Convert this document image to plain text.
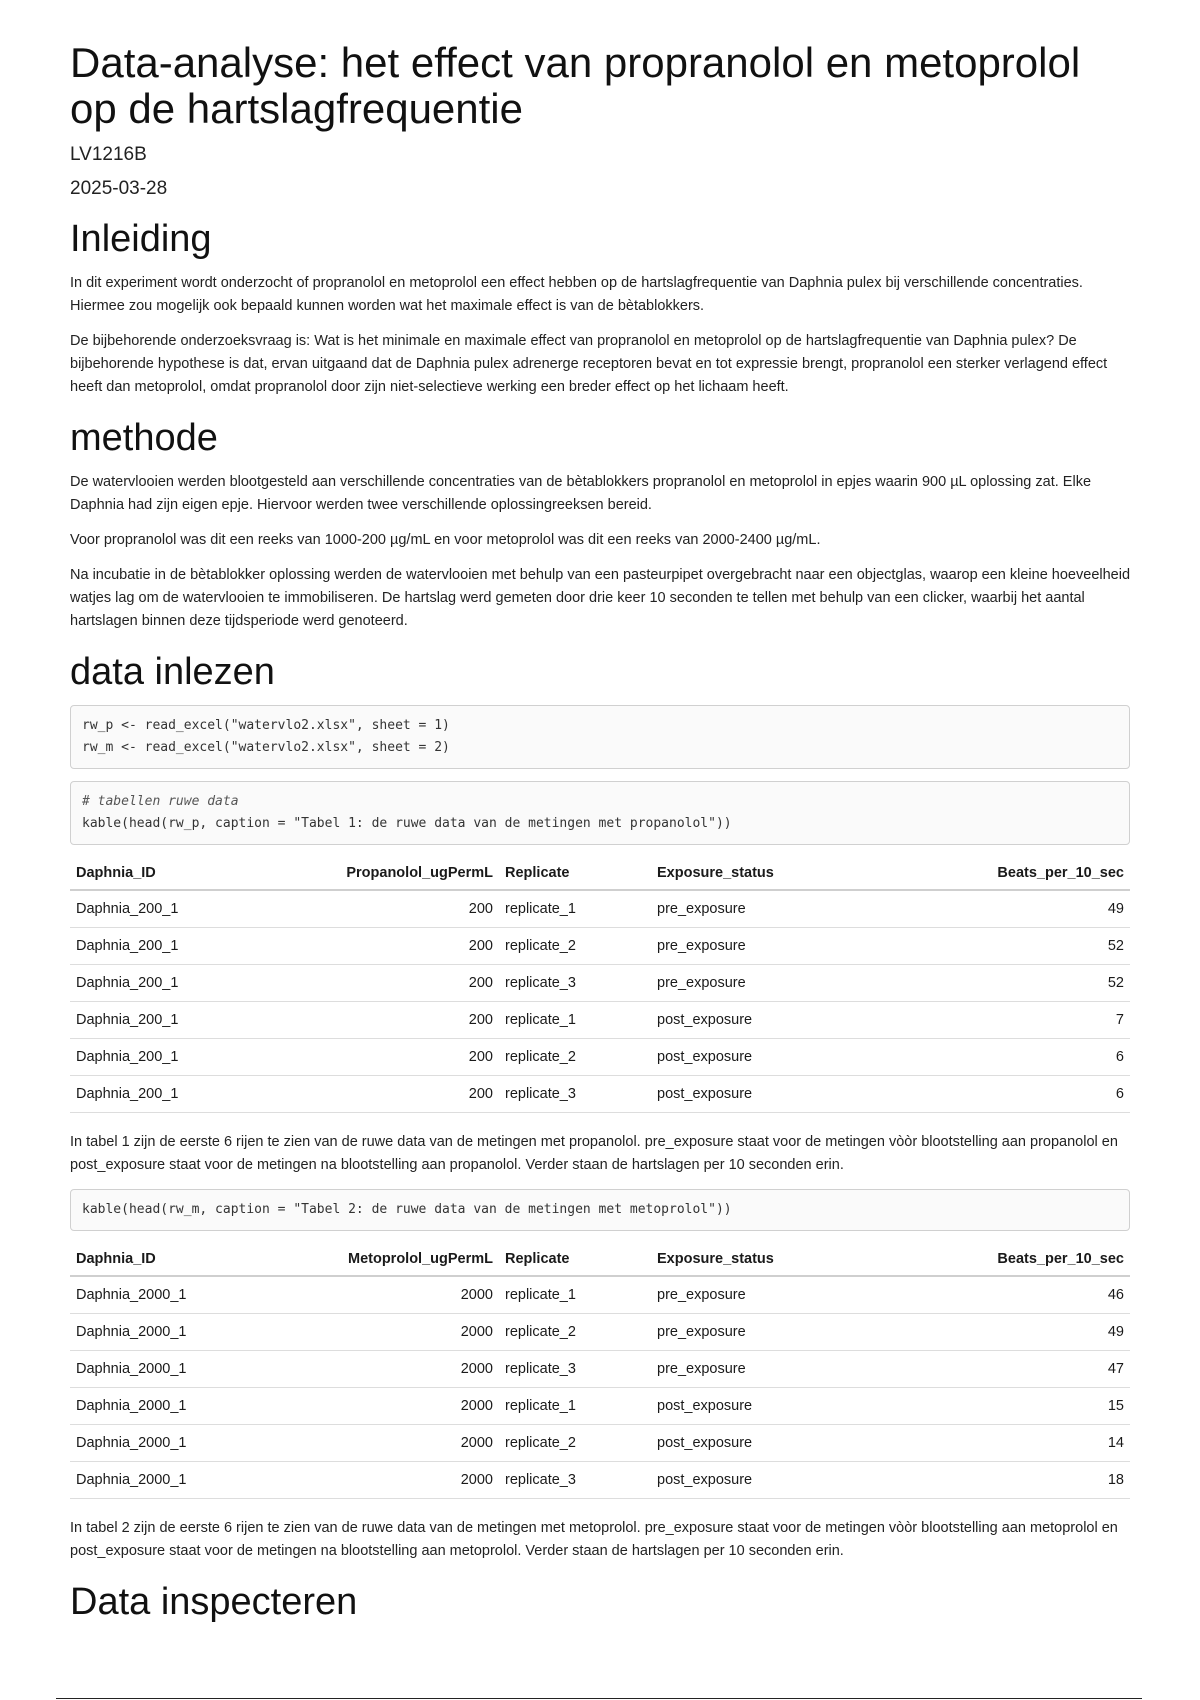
Data-analyse: het effect van propranolol en metoprolol op de hartslagfrequentie
LV1216B
2025-03-28
Inleiding

In dit experiment wordt onderzocht of propranolol en metoprolol een effect hebben op de hartslagfrequentie van Daphnia pulex bij verschillende concentraties. Hiermee zou mogelijk ook bepaald kunnen worden wat het maximale effect is van de bètablokkers.

De bijbehorende onderzoeksvraag is: Wat is het minimale en maximale effect van propranolol en metoprolol op de hartslagfrequentie van Daphnia pulex? De bijbehorende hypothese is dat, ervan uitgaand dat de Daphnia pulex adrenerge receptoren bevat en tot expressie brengt, propranolol een sterker verlagend effect heeft dan metoprolol, omdat propranolol door zijn niet-selectieve werking een breder effect op het lichaam heeft.

methode

De watervlooien werden blootgesteld aan verschillende concentraties van de bètablokkers propranolol en metoprolol in epjes waarin 900 µL oplossing zat. Elke Daphnia had zijn eigen epje. Hiervoor werden twee verschillende oplossingreeksen bereid.

Voor propranolol was dit een reeks van 1000-200 µg/mL en voor metoprolol was dit een reeks van 2000-2400 µg/mL.

Na incubatie in de bètablokker oplossing werden de watervlooien met behulp van een pasteurpipet overgebracht naar een objectglas, waarop een kleine hoeveelheid watjes lag om de watervlooien te immobiliseren. De hartslag werd gemeten door drie keer 10 seconden te tellen met behulp van een clicker, waarbij het aantal hartslagen binnen deze tijdsperiode werd genoteerd.

data inlezen
rw_p <- read_excel("watervlo2.xlsx", sheet = 1)
rw_m <- read_excel("watervlo2.xlsx", sheet = 2)
# tabellen ruwe data
kable(head(rw_p, caption = "Tabel 1: de ruwe data van de metingen met propanolol"))
Daphnia_ID	Propanolol_ugPermL	Replicate	Exposure_status	Beats_per_10_sec
Daphnia_200_1	200	replicate_1	pre_exposure	49
Daphnia_200_1	200	replicate_2	pre_exposure	52
Daphnia_200_1	200	replicate_3	pre_exposure	52
Daphnia_200_1	200	replicate_1	post_exposure	7
Daphnia_200_1	200	replicate_2	post_exposure	6
Daphnia_200_1	200	replicate_3	post_exposure	6

In tabel 1 zijn de eerste 6 rijen te zien van de ruwe data van de metingen met propanolol. pre_exposure staat voor de metingen vòòr blootstelling aan propanolol en post_exposure staat voor de metingen na blootstelling aan propanolol. Verder staan de hartslagen per 10 seconden erin.

kable(head(rw_m, caption = "Tabel 2: de ruwe data van de metingen met metoprolol"))
Daphnia_ID	Metoprolol_ugPermL	Replicate	Exposure_status	Beats_per_10_sec
Daphnia_2000_1	2000	replicate_1	pre_exposure	46
Daphnia_2000_1	2000	replicate_2	pre_exposure	49
Daphnia_2000_1	2000	replicate_3	pre_exposure	47
Daphnia_2000_1	2000	replicate_1	post_exposure	15
Daphnia_2000_1	2000	replicate_2	post_exposure	14
Daphnia_2000_1	2000	replicate_3	post_exposure	18

In tabel 2 zijn de eerste 6 rijen te zien van de ruwe data van de metingen met metoprolol. pre_exposure staat voor de metingen vòòr blootstelling aan metoprolol en post_exposure staat voor de metingen na blootstelling aan metoprolol. Verder staan de hartslagen per 10 seconden erin.

Data inspecteren
